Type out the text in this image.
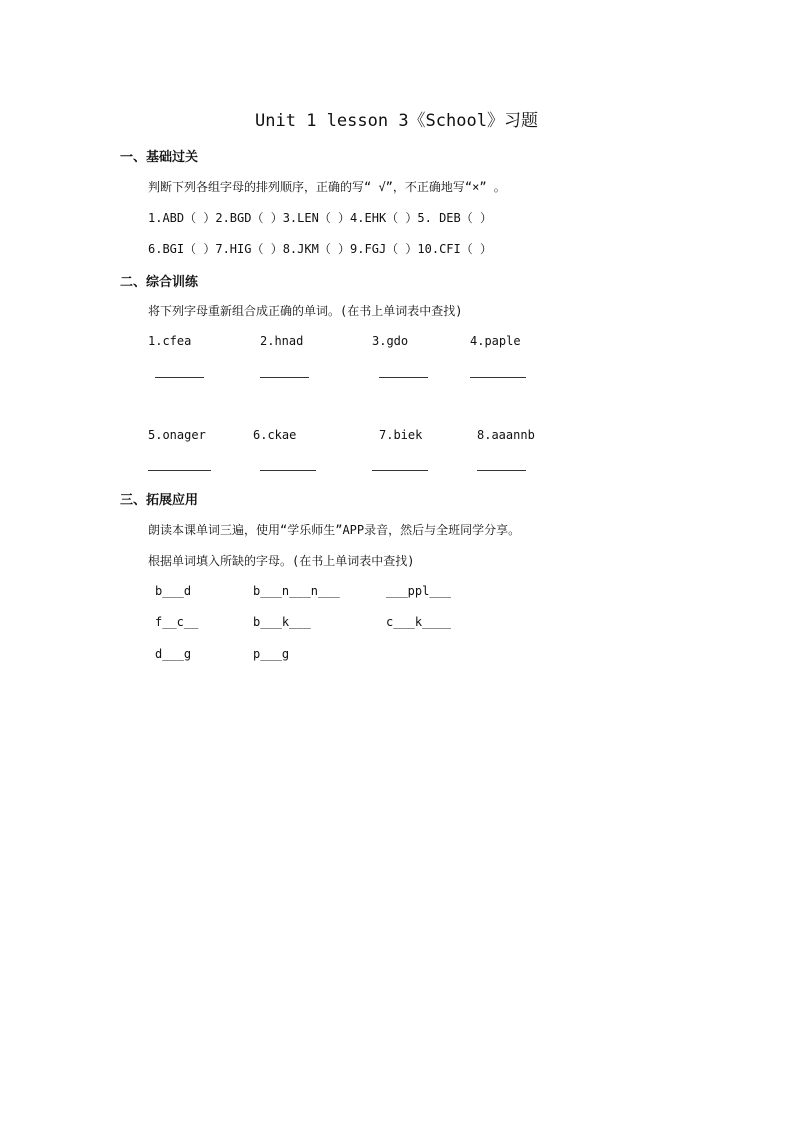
Unit 1 lesson 3《School》习题
一、基础过关
判断下列各组字母的排列顺序，正确的写“ √”，不正确地写“×” 。
1.ABD（ ）2.BGD（ ）3.LEN（ ）4.EHK（ ）5. DEB（ ）
6.BGI（ ）7.HIG（ ）8.JKM（ ）9.FGJ（ ）10.CFI（ ）
二、综合训练
将下列字母重新组合成正确的单词。(在书上单词表中查找)
1.cfea	2.hnad	3.gdo	4.paple
5.onager	6.ckae	7.biek	8.aaannb
三、拓展应用
朗读本课单词三遍，使用“学乐师生”APP录音，然后与全班同学分享。
根据单词填入所缺的字母。(在书上单词表中查找)
b___d	b___n___n___	___ppl___
f__c__	b___k___	c___k____
d___g	p___g
